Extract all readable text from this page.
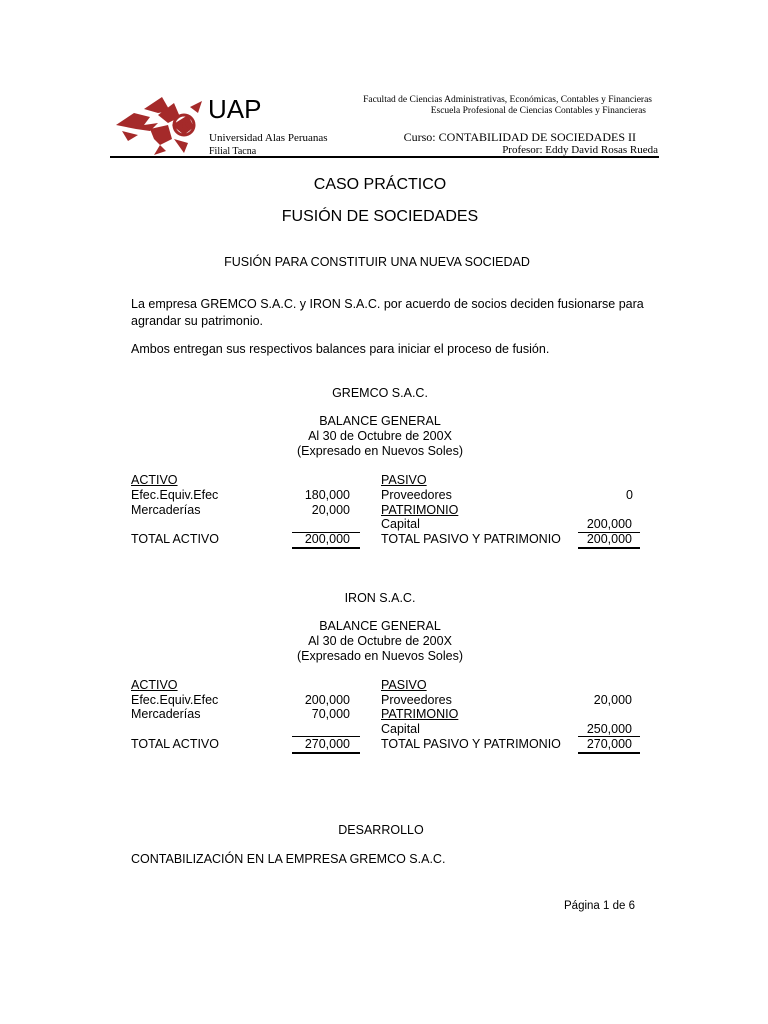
UAP
Universidad Alas Peruanas
Filial Tacna
Facultad de Ciencias Administrativas, Económicas, Contables y Financieras
Escuela Profesional de Ciencias Contables y Financieras
Curso: CONTABILIDAD DE SOCIEDADES II
Profesor: Eddy David Rosas Rueda
CASO PRÁCTICO
FUSIÓN DE SOCIEDADES
FUSIÓN PARA CONSTITUIR UNA NUEVA SOCIEDAD
La empresa GREMCO S.A.C. y IRON S.A.C. por acuerdo de socios deciden fusionarse para
agrandar su patrimonio.
Ambos entregan sus respectivos balances para iniciar el proceso de fusión.
GREMCO S.A.C.
BALANCE GENERAL
Al 30 de Octubre de 200X
(Expresado en Nuevos Soles)
ACTIVO	PASIVO
Efec.Equiv.Efec	180,000 Proveedores	0
Mercaderías	20,000 PATRIMONIO
Capital	200,000
TOTAL ACTIVO	200,000 TOTAL PASIVO Y PATRIMONIO	200,000
IRON S.A.C.
BALANCE GENERAL
Al 30 de Octubre de 200X
(Expresado en Nuevos Soles)
ACTIVO	PASIVO
Efec.Equiv.Efec	200,000 Proveedores	20,000
Mercaderías	70,000 PATRIMONIO
Capital	250,000
TOTAL ACTIVO	270,000 TOTAL PASIVO Y PATRIMONIO	270,000
DESARROLLO
CONTABILIZACIÓN EN LA EMPRESA GREMCO S.A.C.
Página 1 de 6
